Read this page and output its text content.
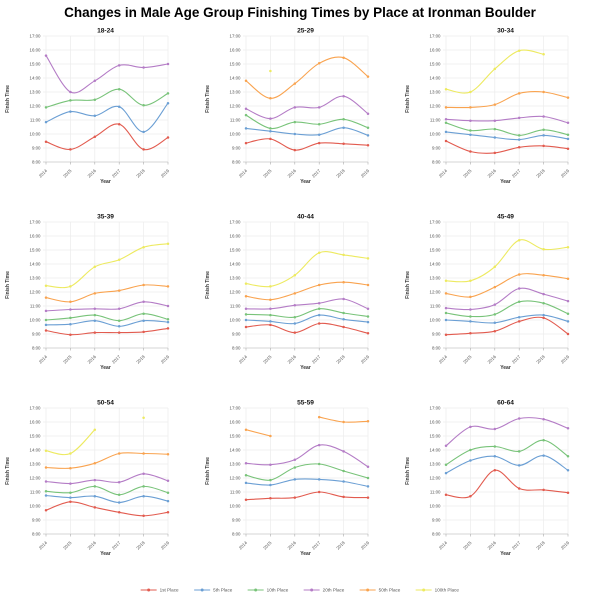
Changes in Male Age Group Finishing Times by Place at Ironman Boulder
17:00
16:00
15:00
14:00
13:00
12:00
11:00
10:00
9:00
8:00
2014	2015	2016	2017	2018	2019
18-24
Finish Time
Year
17:00
16:00
15:00
14:00
13:00
12:00
11:00
10:00
9:00
8:00
2014	2015	2016	2017	2018	2019
25-29
Finish Time
Year
17:00
16:00
15:00
14:00
13:00
12:00
11:00
10:00
9:00
8:00
2014	2015	2016	2017	2018	2019
30-34
Finish Time
Year
17:00
16:00
15:00
14:00
13:00
12:00
11:00
10:00
9:00
8:00
2014	2015	2016	2017	2018	2019
35-39
Finish Time
Year
17:00
16:00
15:00
14:00
13:00
12:00
11:00
10:00
9:00
8:00
2014	2015	2016	2017	2018	2019
40-44
Finish Time
Year
17:00
16:00
15:00
14:00
13:00
12:00
11:00
10:00
9:00
8:00
2014	2015	2016	2017	2018	2019
45-49
Finish Time
Year
17:00
16:00
15:00
14:00
13:00
12:00
11:00
10:00
9:00
8:00
2014	2015	2016	2017	2018	2019
50-54
Finish Time
Year
17:00
16:00
15:00
14:00
13:00
12:00
11:00
10:00
9:00
8:00
2014	2015	2016	2017	2018	2019
55-59
Finish Time
Year
17:00
16:00
15:00
14:00
13:00
12:00
11:00
10:00
9:00
8:00
2014	2015	2016	2017	2018	2019
60-64
Finish Time
Year
1st Place	5th Place	10th Place	20th Place	50th Place	100th Place
